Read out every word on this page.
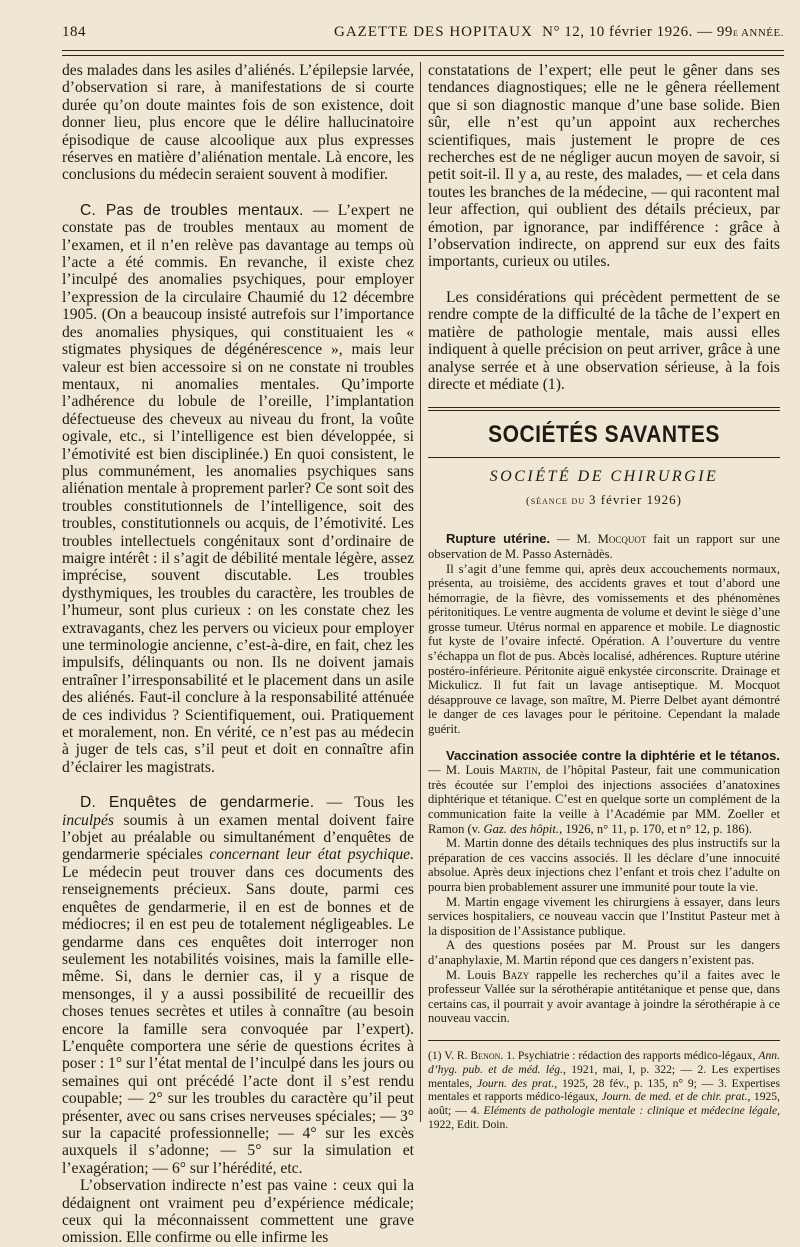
184	GAZETTE DES HOPITAUX N° 12, 10 février 1926. — 99e ANNÉE.

des malades dans les asiles d’aliénés. L’épilepsie larvée, d’observation si rare, à manifestations de si courte durée qu’on doute maintes fois de son existence, doit donner lieu, plus encore que le délire hallucinatoire épisodique de cause alcoolique aux plus expresses réserves en matière d’aliénation mentale. Là encore, les conclusions du médecin seraient souvent à modifier.

C. Pas de troubles mentaux. — L’expert ne constate pas de troubles mentaux au moment de l’examen, et il n’en relève pas davantage au temps où l’acte a été commis. En revanche, il existe chez l’inculpé des anomalies psychiques, pour employer l’expression de la circulaire Chaumié du 12 décembre 1905. (On a beaucoup insisté autrefois sur l’importance des anomalies physiques, qui constituaient les « stigmates physiques de dégénérescence », mais leur valeur est bien accessoire si on ne constate ni troubles mentaux, ni anomalies mentales. Qu’importe l’adhérence du lobule de l’oreille, l’implantation défectueuse des cheveux au niveau du front, la voûte ogivale, etc., si l’intelligence est bien développée, si l’émotivité est bien disciplinée.) En quoi consistent, le plus communément, les anomalies psychiques sans aliénation mentale à proprement parler? Ce sont soit des troubles constitutionnels de l’intelligence, soit des troubles, constitutionnels ou acquis, de l’émotivité. Les troubles intellectuels congénitaux sont d’ordinaire de maigre intérêt : il s’agit de débilité mentale légère, assez imprécise, souvent discutable. Les troubles dysthymiques, les troubles du caractère, les troubles de l’humeur, sont plus curieux : on les constate chez les extravagants, chez les pervers ou vicieux pour employer une terminologie ancienne, c’est-à-dire, en fait, chez les impulsifs, délinquants ou non. Ils ne doivent jamais entraîner l’irresponsabilité et le placement dans un asile des aliénés. Faut-il conclure à la responsabilité atténuée de ces individus ? Scientifiquement, oui. Pratiquement et moralement, non. En vérité, ce n’est pas au médecin à juger de tels cas, s’il peut et doit en connaître afin d’éclairer les magistrats.

D. Enquêtes de gendarmerie. — Tous les inculpés soumis à un examen mental doivent faire l’objet au préalable ou simultanément d’enquêtes de gendarmerie spéciales concernant leur état psychique. Le médecin peut trouver dans ces documents des renseignements précieux. Sans doute, parmi ces enquêtes de gendarmerie, il en est de bonnes et de médiocres; il en est peu de totalement négligeables. Le gendarme dans ces enquêtes doit interroger non seulement les notabilités voisines, mais la famille elle-même. Si, dans le dernier cas, il y a risque de mensonges, il y a aussi possibilité de recueillir des choses tenues secrètes et utiles à connaître (au besoin encore la famille sera convoquée par l’expert). L’enquête comportera une série de questions écrites à poser : 1° sur l’état mental de l’inculpé dans les jours ou semaines qui ont précédé l’acte dont il s’est rendu coupable; — 2° sur les troubles du caractère qu’il peut présenter, avec ou sans crises nerveuses spéciales; — 3° sur la capacité professionnelle; — 4° sur les excès auxquels il s’adonne; — 5° sur la simulation et l’exagération; — 6° sur l’hérédité, etc.

L’observation indirecte n’est pas vaine : ceux qui la dédaignent ont vraiment peu d’expérience médicale; ceux qui la méconnaissent commettent une grave omission. Elle confirme ou elle infirme les

constatations de l’expert; elle peut le gêner dans ses tendances diagnostiques; elle ne le gênera réellement que si son diagnostic manque d’une base solide. Bien sûr, elle n’est qu’un appoint aux recherches scientifiques, mais justement le propre de ces recherches est de ne négliger aucun moyen de savoir, si petit soit-il. Il y a, au reste, des malades, — et cela dans toutes les branches de la médecine, — qui racontent mal leur affection, qui oublient des détails précieux, par émotion, par ignorance, par indifférence : grâce à l’observation indirecte, on apprend sur eux des faits importants, curieux ou utiles.

Les considérations qui précèdent permettent de se rendre compte de la difficulté de la tâche de l’expert en matière de pathologie mentale, mais aussi elles indiquent à quelle précision on peut arriver, grâce à une analyse serrée et à une observation sérieuse, à la fois directe et médiate (1).

SOCIÉTÉS SAVANTES
SOCIÉTÉ DE CHIRURGIE
(séance du 3 février 1926)

Rupture utérine. — M. Mocquot fait un rapport sur une observation de M. Passo Asternàdès.

Il s’agit d’une femme qui, après deux accouchements normaux, présenta, au troisième, des accidents graves et tout d’abord une hémorragie, de la fièvre, des vomissements et des phénomènes péritonitiques. Le ventre augmenta de volume et devint le siège d’une grosse tumeur. Utérus normal en apparence et mobile. Le diagnostic fut kyste de l’ovaire infecté. Opération. A l’ouverture du ventre s’échappa un flot de pus. Abcès localisé, adhérences. Rupture utérine postéro-inférieure. Péritonite aiguë enkystée circonscrite. Drainage et Mickulicz. Il fut fait un lavage antiseptique. M. Mocquot désapprouve ce lavage, son maître, M. Pierre Delbet ayant démontré le danger de ces lavages pour le péritoine. Cependant la malade guérit.

Vaccination associée contre la diphtérie et le tétanos. — M. Louis Martin, de l’hôpital Pasteur, fait une communication très écoutée sur l’emploi des injections associées d’anatoxines diphtérique et tétanique. C’est en quelque sorte un complément de la communication faite la veille à l’Académie par MM. Zoeller et Ramon (v. Gaz. des hôpit., 1926, n° 11, p. 170, et n° 12, p. 186).

M. Martin donne des détails techniques des plus instructifs sur la préparation de ces vaccins associés. Il les déclare d’une innocuité absolue. Après deux injections chez l’enfant et trois chez l’adulte on pourra bien probablement assurer une immunité pour toute la vie.

M. Martin engage vivement les chirurgiens à essayer, dans leurs services hospitaliers, ce nouveau vaccin que l’Institut Pasteur met à la disposition de l’Assistance publique.

A des questions posées par M. Proust sur les dangers d’anaphylaxie, M. Martin répond que ces dangers n’existent pas.

M. Louis Bazy rappelle les recherches qu’il a faites avec le professeur Vallée sur la sérothérapie antitétanique et pense que, dans certains cas, il pourrait y avoir avantage à joindre la sérothérapie à ce nouveau vaccin.

(1) V. R. Benon. 1. Psychiatrie : rédaction des rapports médico-légaux, Ann. d’hyg. pub. et de méd. lég., 1921, mai, I, p. 322; — 2. Les expertises mentales, Journ. des prat., 1925, 28 fév., p. 135, n° 9; — 3. Expertises mentales et rapports médico-légaux, Journ. de med. et de chir. prat., 1925, août; — 4. Eléments de pathologie mentale : clinique et médecine légale, 1922, Edit. Doin.
